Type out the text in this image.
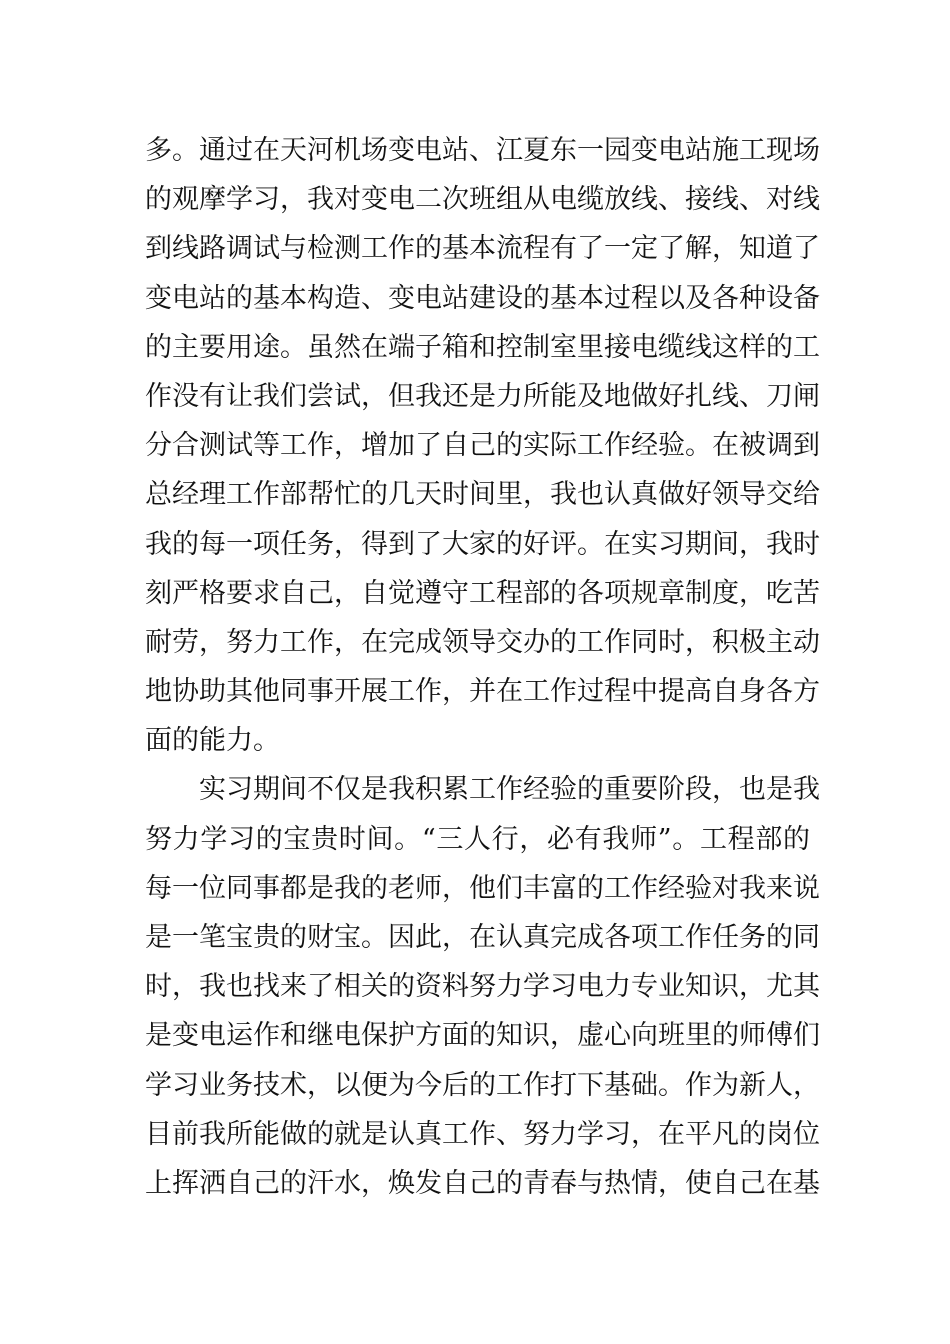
多。通过在天河机场变电站、江夏东一园变电站施工现场
的观摩学习，我对变电二次班组从电缆放线、接线、对线
到线路调试与检测工作的基本流程有了一定了解，知道了
变电站的基本构造、变电站建设的基本过程以及各种设备
的主要用途。虽然在端子箱和控制室里接电缆线这样的工
作没有让我们尝试，但我还是力所能及地做好扎线、刀闸
分合测试等工作，增加了自己的实际工作经验。在被调到
总经理工作部帮忙的几天时间里，我也认真做好领导交给
我的每一项任务，得到了大家的好评。在实习期间，我时
刻严格要求自己，自觉遵守工程部的各项规章制度，吃苦
耐劳，努力工作，在完成领导交办的工作同时，积极主动
地协助其他同事开展工作，并在工作过程中提高自身各方
面的能力。
实习期间不仅是我积累工作经验的重要阶段，也是我
努力学习的宝贵时间。“三人行，必有我师”。工程部的
每一位同事都是我的老师，他们丰富的工作经验对我来说
是一笔宝贵的财宝。因此，在认真完成各项工作任务的同
时，我也找来了相关的资料努力学习电力专业知识，尤其
是变电运作和继电保护方面的知识，虚心向班里的师傅们
学习业务技术，以便为今后的工作打下基础。作为新人，
目前我所能做的就是认真工作、努力学习，在平凡的岗位
上挥洒自己的汗水，焕发自己的青春与热情，使自己在基
